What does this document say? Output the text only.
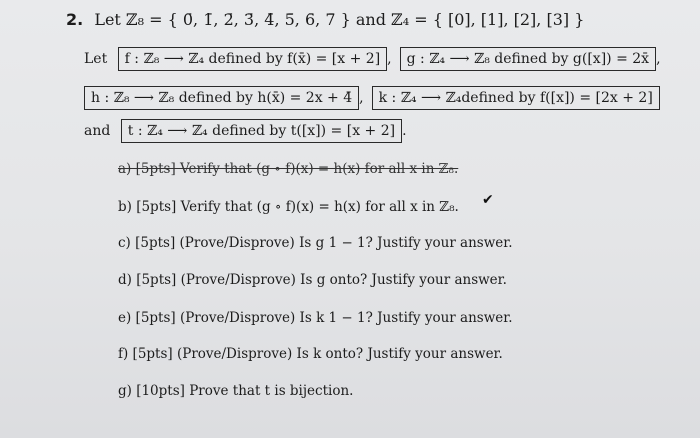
2. Let ℤ₈ = { 0̄, 1̄, 2̄, 3̄, 4̄, 5̄, 6̄, 7̄ } and ℤ₄ = { [0], [1], [2], [3] }
Let f : ℤ₈ ⟶ ℤ₄ defined by f(x̄) = [x + 2] , g : ℤ₄ ⟶ ℤ₈ defined by g([x]) = 2x̄ ,
h : ℤ₈ ⟶ ℤ₈ defined by h(x̄) = 2x + 4̄ , k : ℤ₄ ⟶ ℤ₄defined by f([x]) = [2x + 2]
and t : ℤ₄ ⟶ ℤ₄ defined by t([x]) = [x + 2] .
a) [5pts] Verify that (g ∘ f)(x) = h(x) for all x in ℤ₈.
b) [5pts] Verify that (g ∘ f)(x) = h(x) for all x in ℤ₈. ✔
c) [5pts] (Prove/Disprove) Is g 1 − 1? Justify your answer.
d) [5pts] (Prove/Disprove) Is g onto? Justify your answer.
e) [5pts] (Prove/Disprove) Is k 1 − 1? Justify your answer.
f) [5pts] (Prove/Disprove) Is k onto? Justify your answer.
g) [10pts] Prove that t is bijection.
